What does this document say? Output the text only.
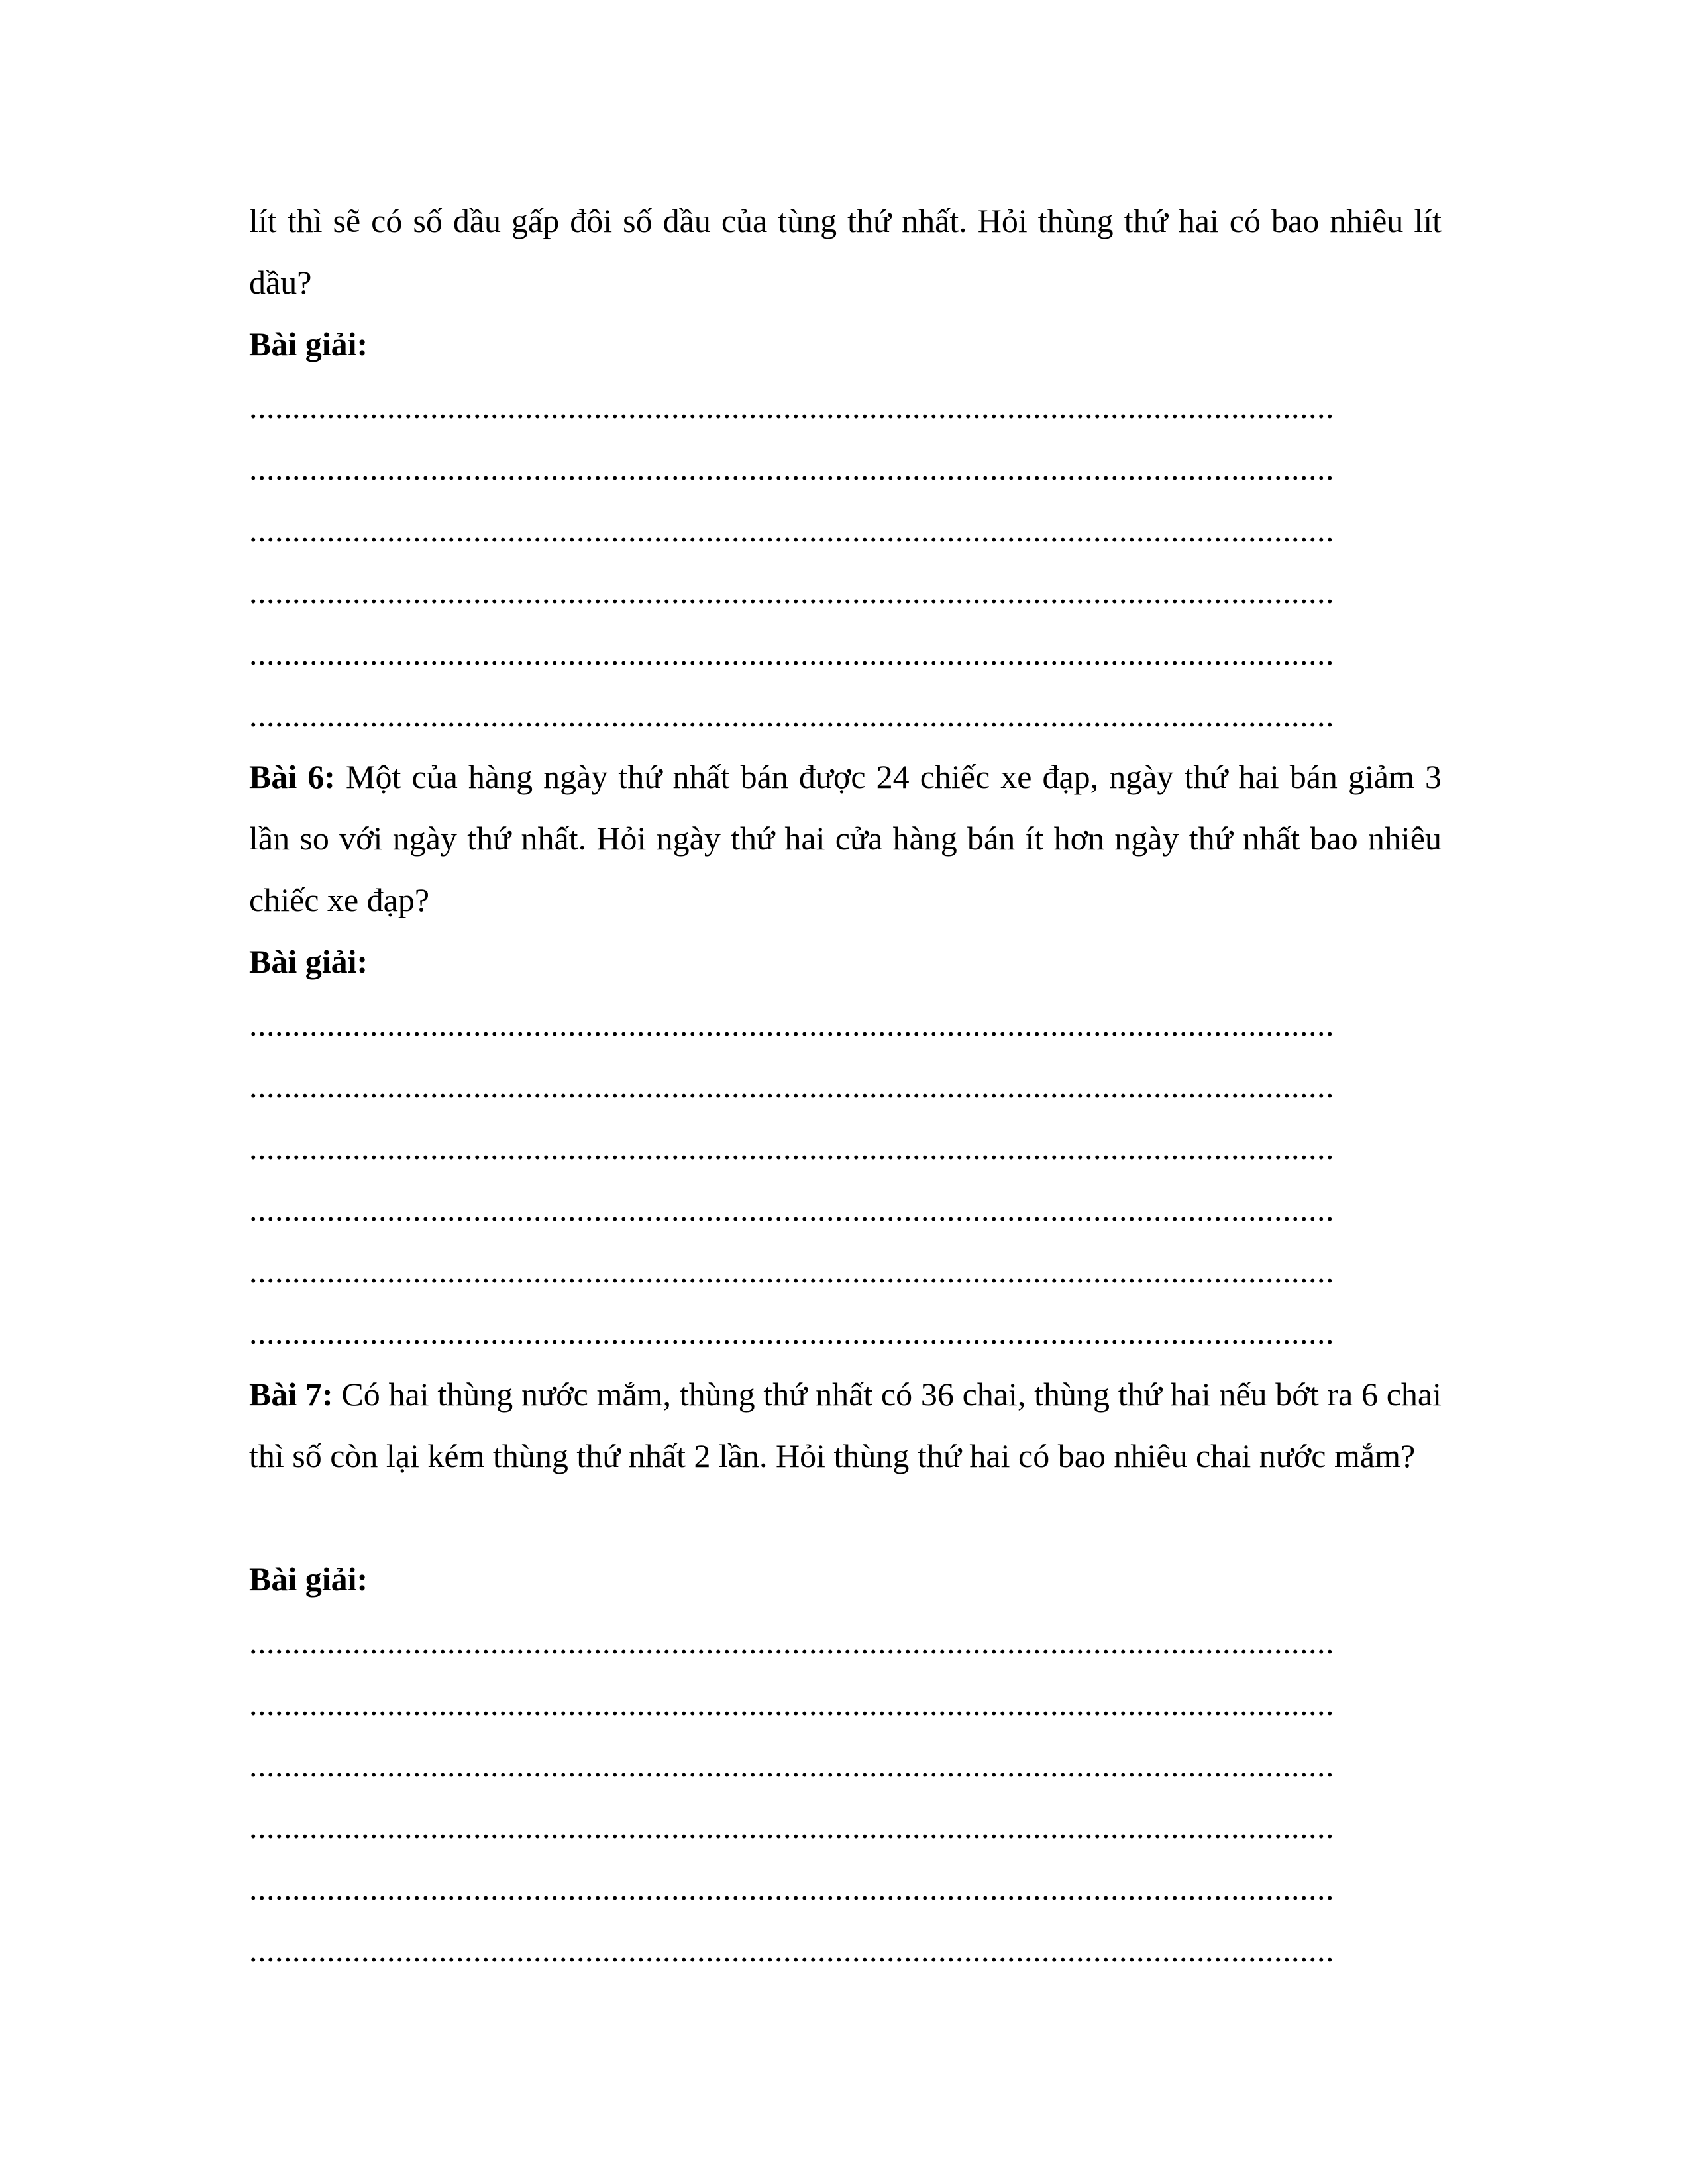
lít thì sẽ có số dầu gấp đôi số dầu của tùng thứ nhất. Hỏi thùng thứ hai có bao nhiêu lít dầu?

Bài giải:

..............................................................................................................................

..............................................................................................................................

..............................................................................................................................

..............................................................................................................................

..............................................................................................................................

..............................................................................................................................

Bài 6: Một của hàng ngày thứ nhất bán được 24 chiếc xe đạp, ngày thứ hai bán giảm 3 lần so với ngày thứ nhất. Hỏi ngày thứ hai cửa hàng bán ít hơn ngày thứ nhất bao nhiêu chiếc xe đạp?

Bài giải:

..............................................................................................................................

..............................................................................................................................

..............................................................................................................................

..............................................................................................................................

..............................................................................................................................

..............................................................................................................................

Bài 7: Có hai thùng nước mắm, thùng thứ nhất có 36 chai, thùng thứ hai nếu bớt ra 6 chai thì số còn lại kém thùng thứ nhất 2 lần. Hỏi thùng thứ hai có bao nhiêu chai nước mắm?

Bài giải:

..............................................................................................................................

..............................................................................................................................

..............................................................................................................................

..............................................................................................................................

..............................................................................................................................

..............................................................................................................................
